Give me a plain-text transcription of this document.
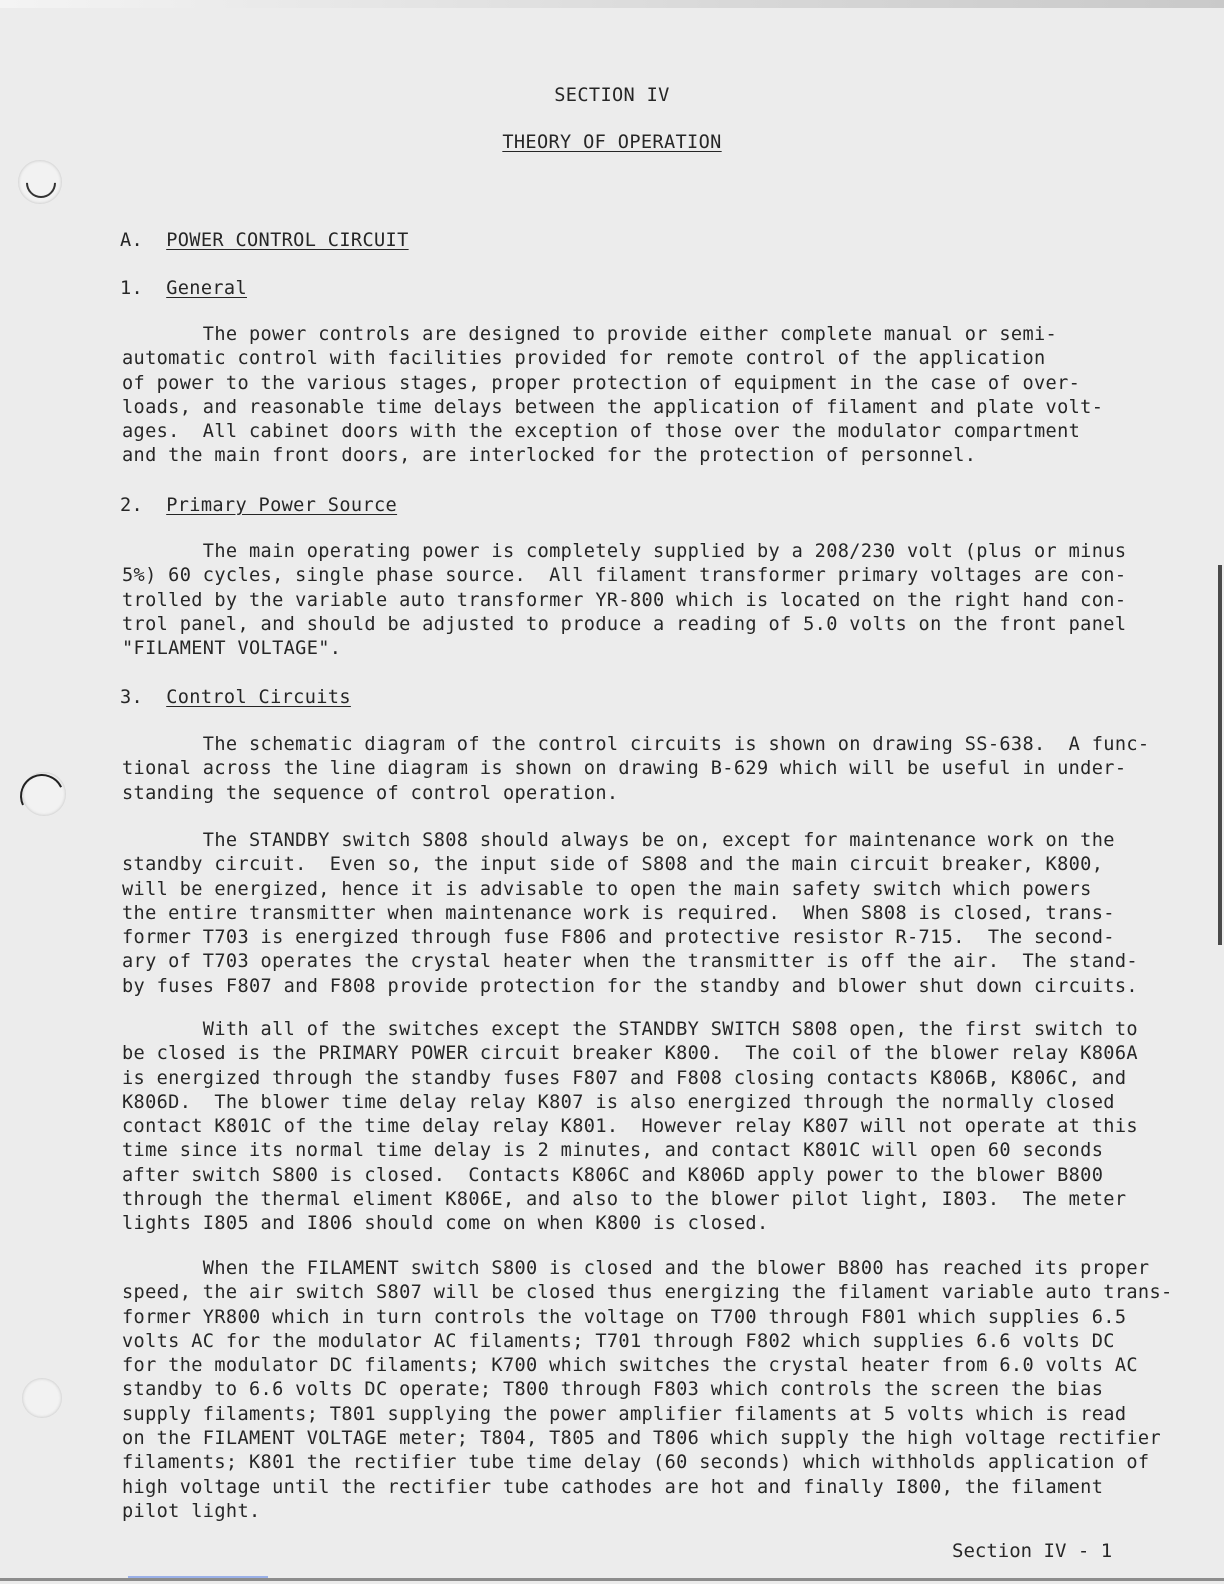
SECTION IV
THEORY OF OPERATION
A. POWER CONTROL CIRCUIT
1. General
The power controls are designed to provide either complete manual or semi-
automatic control with facilities provided for remote control of the application
of power to the various stages, proper protection of equipment in the case of over-
loads, and reasonable time delays between the application of filament and plate volt-
ages.  All cabinet doors with the exception of those over the modulator compartment
and the main front doors, are interlocked for the protection of personnel.
2. Primary Power Source
The main operating power is completely supplied by a 208/230 volt (plus or minus
5%) 60 cycles, single phase source.  All filament transformer primary voltages are con-
trolled by the variable auto transformer YR-800 which is located on the right hand con-
trol panel, and should be adjusted to produce a reading of 5.0 volts on the front panel
"FILAMENT VOLTAGE".
3. Control Circuits
The schematic diagram of the control circuits is shown on drawing SS-638.  A func-
tional across the line diagram is shown on drawing B-629 which will be useful in under-
standing the sequence of control operation.
The STANDBY switch S808 should always be on, except for maintenance work on the
standby circuit.  Even so, the input side of S808 and the main circuit breaker, K800,
will be energized, hence it is advisable to open the main safety switch which powers
the entire transmitter when maintenance work is required.  When S808 is closed, trans-
former T703 is energized through fuse F806 and protective resistor R-715.  The second-
ary of T703 operates the crystal heater when the transmitter is off the air.  The stand-
by fuses F807 and F808 provide protection for the standby and blower shut down circuits.
With all of the switches except the STANDBY SWITCH S808 open, the first switch to
be closed is the PRIMARY POWER circuit breaker K800.  The coil of the blower relay K806A
is energized through the standby fuses F807 and F808 closing contacts K806B, K806C, and
K806D.  The blower time delay relay K807 is also energized through the normally closed
contact K801C of the time delay relay K801.  However relay K807 will not operate at this
time since its normal time delay is 2 minutes, and contact K801C will open 60 seconds
after switch S800 is closed.  Contacts K806C and K806D apply power to the blower B800
through the thermal eliment K806E, and also to the blower pilot light, I803.  The meter
lights I805 and I806 should come on when K800 is closed.
When the FILAMENT switch S800 is closed and the blower B800 has reached its proper
speed, the air switch S807 will be closed thus energizing the filament variable auto trans-
former YR800 which in turn controls the voltage on T700 through F801 which supplies 6.5
volts AC for the modulator AC filaments; T701 through F802 which supplies 6.6 volts DC
for the modulator DC filaments; K700 which switches the crystal heater from 6.0 volts AC
standby to 6.6 volts DC operate; T800 through F803 which controls the screen the bias
supply filaments; T801 supplying the power amplifier filaments at 5 volts which is read
on the FILAMENT VOLTAGE meter; T804, T805 and T806 which supply the high voltage rectifier
filaments; K801 the rectifier tube time delay (60 seconds) which withholds application of
high voltage until the rectifier tube cathodes are hot and finally I800, the filament
pilot light.
Section IV - 1
